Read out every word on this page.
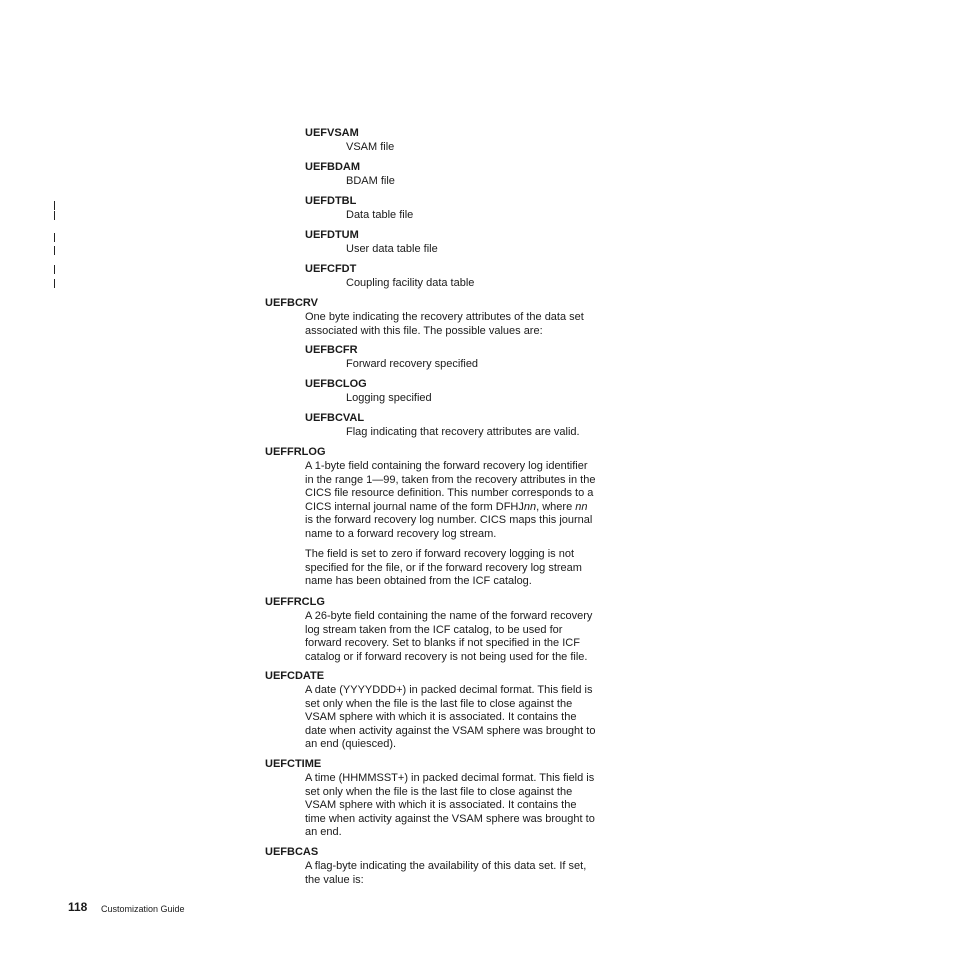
UEFVSAM
VSAM file
UEFBDAM
BDAM file
UEFDTBL
Data table file
UEFDTUM
User data table file
UEFCFDT
Coupling facility data table
UEFBCRV
One byte indicating the recovery attributes of the data set
associated with this file. The possible values are:
UEFBCFR
Forward recovery specified
UEFBCLOG
Logging specified
UEFBCVAL
Flag indicating that recovery attributes are valid.
UEFFRLOG
A 1-byte field containing the forward recovery log identifier
in the range 1—99, taken from the recovery attributes in the
CICS file resource definition. This number corresponds to a
CICS internal journal name of the form DFHJnn, where nn
is the forward recovery log number. CICS maps this journal
name to a forward recovery log stream.
The field is set to zero if forward recovery logging is not
specified for the file, or if the forward recovery log stream
name has been obtained from the ICF catalog.
UEFFRCLG
A 26-byte field containing the name of the forward recovery
log stream taken from the ICF catalog, to be used for
forward recovery. Set to blanks if not specified in the ICF
catalog or if forward recovery is not being used for the file.
UEFCDATE
A date (YYYYDDD+) in packed decimal format. This field is
set only when the file is the last file to close against the
VSAM sphere with which it is associated. It contains the
date when activity against the VSAM sphere was brought to
an end (quiesced).
UEFCTIME
A time (HHMMSST+) in packed decimal format. This field is
set only when the file is the last file to close against the
VSAM sphere with which it is associated. It contains the
time when activity against the VSAM sphere was brought to
an end.
UEFBCAS
A flag-byte indicating the availability of this data set. If set,
the value is:
118 Customization Guide
